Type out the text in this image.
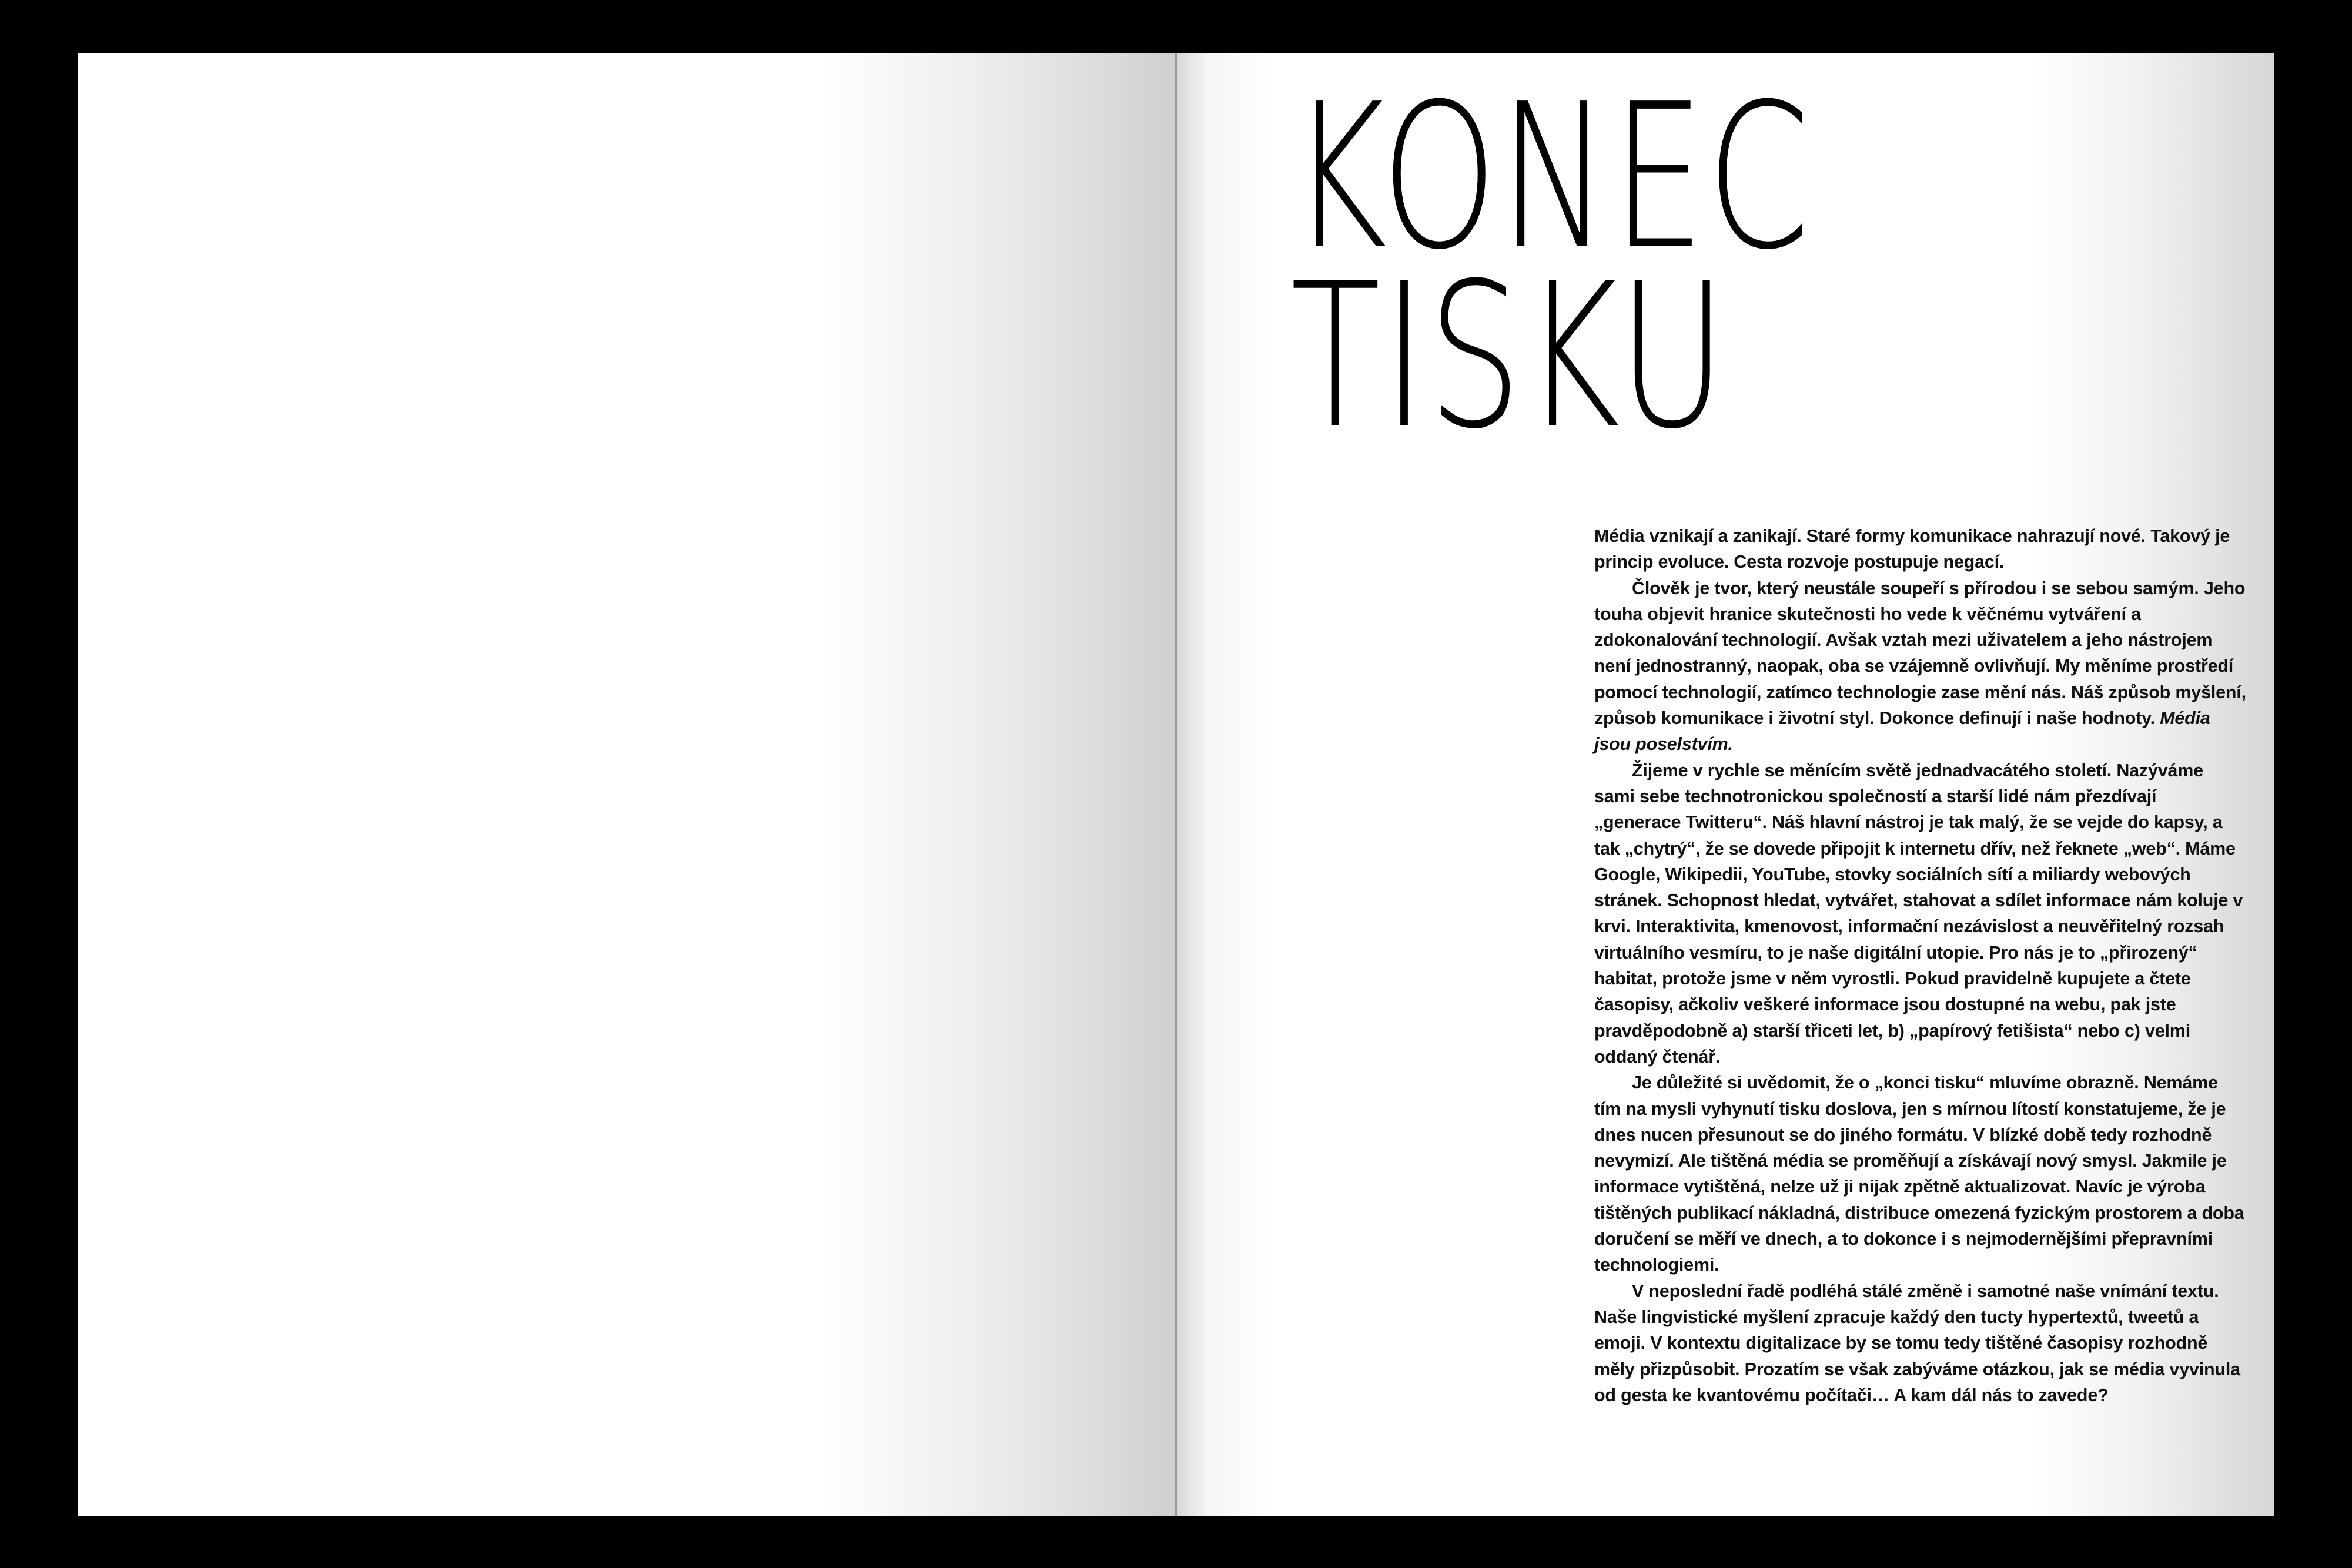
KONEC
TISKU

Média vznikají a zanikají. Staré formy komunikace nahrazují nové. Takový je princip evoluce. Cesta rozvoje postupuje negací.

Člověk je tvor, který neustále soupeří s přírodou i se sebou samým. Jeho touha objevit hranice skutečnosti ho vede k věčnému vytváření a zdokonalování technologií. Avšak vztah mezi uživatelem a jeho nástrojem není jednostranný, naopak, oba se vzájemně ovlivňují. My měníme prostředí pomocí technologií, zatímco technologie zase mění nás. Náš způsob myšlení, způsob komunikace i životní styl. Dokonce definují i naše hodnoty. Média jsou poselstvím.

Žijeme v rychle se měnícím světě jednadvacátého století. Nazýváme sami sebe technotronickou společností a starší lidé nám přezdívají „generace Twitteru“. Náš hlavní nástroj je tak malý, že se vejde do kapsy, a tak „chytrý“, že se dovede připojit k internetu dřív, než řeknete „web“. Máme Google, Wikipedii, YouTube, stovky sociálních sítí a miliardy webových stránek. Schopnost hledat, vytvářet, stahovat a sdílet informace nám koluje v krvi. Interaktivita, kmenovost, informační nezávislost a neuvěřitelný rozsah virtuálního vesmíru, to je naše digitální utopie. Pro nás je to „přirozený“ habitat, protože jsme v něm vyrostli. Pokud pravidelně kupujete a čtete časopisy, ačkoliv veškeré informace jsou dostupné na webu, pak jste pravděpodobně a) starší třiceti let, b) „papírový fetišista“ nebo c) velmi oddaný čtenář.

Je důležité si uvědomit, že o „konci tisku“ mluvíme obrazně. Nemáme tím na mysli vyhynutí tisku doslova, jen s mírnou lítostí konstatujeme, že je dnes nucen přesunout se do jiného formátu. V blízké době tedy rozhodně nevymizí. Ale tištěná média se proměňují a získávají nový smysl. Jakmile je informace vytištěná, nelze už ji nijak zpětně aktualizovat. Navíc je výroba tištěných publikací nákladná, distribuce omezená fyzickým prostorem a doba doručení se měří ve dnech, a to dokonce i s nejmodernějšími přepravními technologiemi.

V neposlední řadě podléhá stálé změně i samotné naše vnímání textu. Naše lingvistické myšlení zpracuje každý den tucty hypertextů, tweetů a emoji. V kontextu digitalizace by se tomu tedy tištěné časopisy rozhodně měly přizpůsobit. Prozatím se však zabýváme otázkou, jak se média vyvinula od gesta ke kvantovému počítači… A kam dál nás to zavede?
